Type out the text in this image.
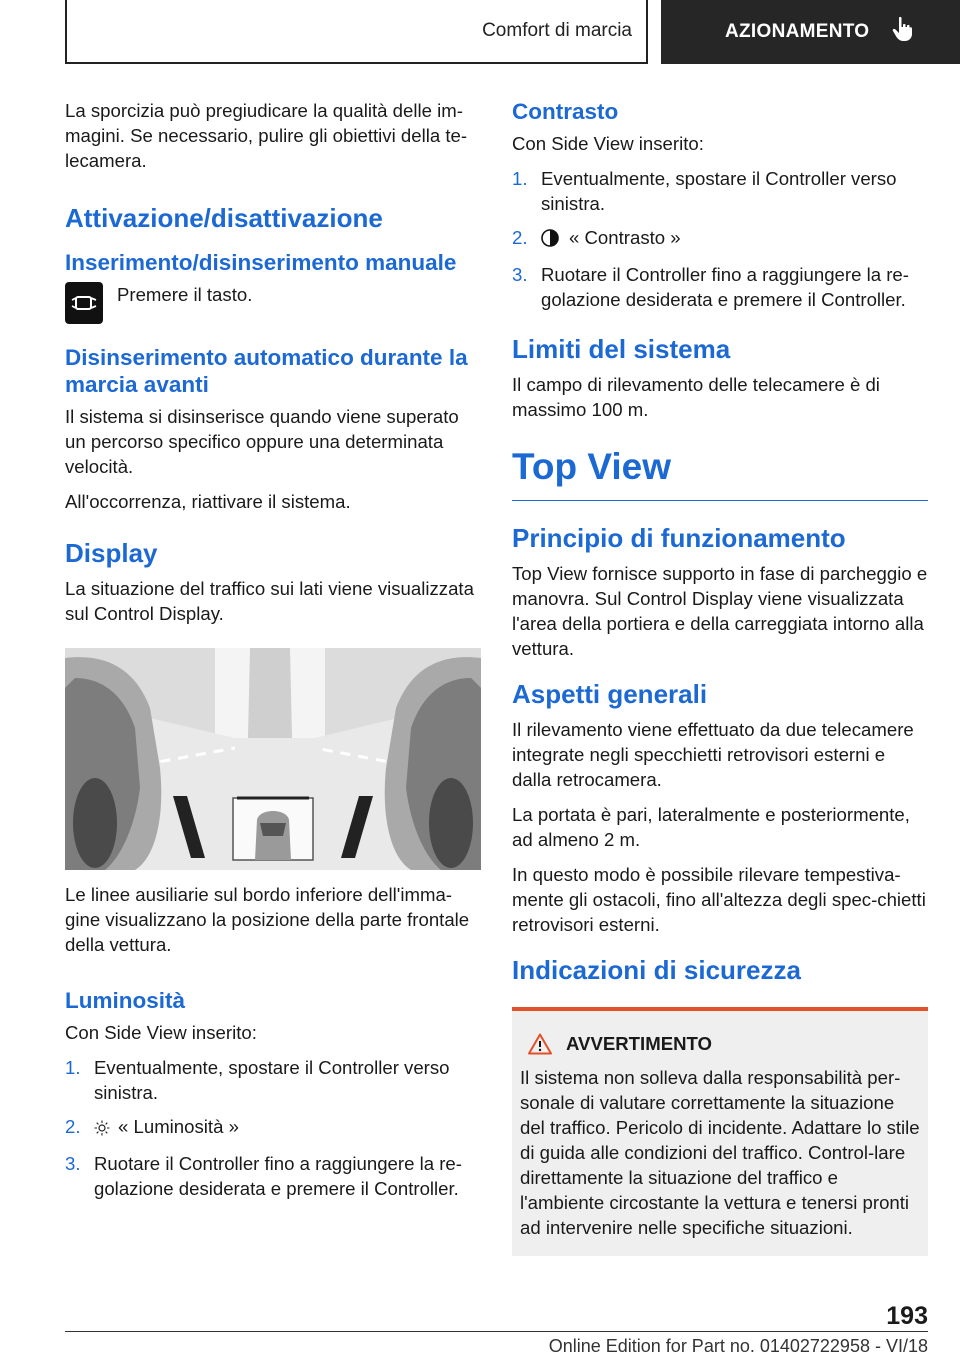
Comfort di marcia	AZIONAMENTO

La sporcizia può pregiudicare la qualità delle im-magini. Se necessario, pulire gli obiettivi della te-lecamera.

Attivazione/disattivazione
Inserimento/disinserimento manuale

Premere il tasto.

Disinserimento automatico durante la marcia avanti

Il sistema si disinserisce quando viene superato un percorso specifico oppure una determinata velocità.

All'occorrenza, riattivare il sistema.

Display

La situazione del traffico sui lati viene visualizzata sul Control Display.

Le linee ausiliarie sul bordo inferiore dell'imma-gine visualizzano la posizione della parte frontale della vettura.

Luminosità

Con Side View inserito:

1. Eventualmente, spostare il Controller verso sinistra.
2. « Luminosità »
3. Ruotare il Controller fino a raggiungere la re-golazione desiderata e premere il Controller.
Contrasto

Con Side View inserito:

1. Eventualmente, spostare il Controller verso sinistra.
2. « Contrasto »
3. Ruotare il Controller fino a raggiungere la re-golazione desiderata e premere il Controller.
Limiti del sistema

Il campo di rilevamento delle telecamere è di massimo 100 m.

Top View
Principio di funzionamento

Top View fornisce supporto in fase di parcheggio e manovra. Sul Control Display viene visualizzata l'area della portiera e della carreggiata intorno alla vettura.

Aspetti generali

Il rilevamento viene effettuato da due telecamere integrate negli specchietti retrovisori esterni e dalla retrocamera.

La portata è pari, lateralmente e posteriormente, ad almeno 2 m.

In questo modo è possibile rilevare tempestiva-mente gli ostacoli, fino all'altezza degli spec-chietti retrovisori esterni.

Indicazioni di sicurezza
AVVERTIMENTO

Il sistema non solleva dalla responsabilità per-sonale di valutare correttamente la situazione del traffico. Pericolo di incidente. Adattare lo stile di guida alle condizioni del traffico. Control-lare direttamente la situazione del traffico e l'ambiente circostante la vettura e tenersi pronti ad intervenire nelle specifiche situazioni.

193
Online Edition for Part no. 01402722958 - VI/18
